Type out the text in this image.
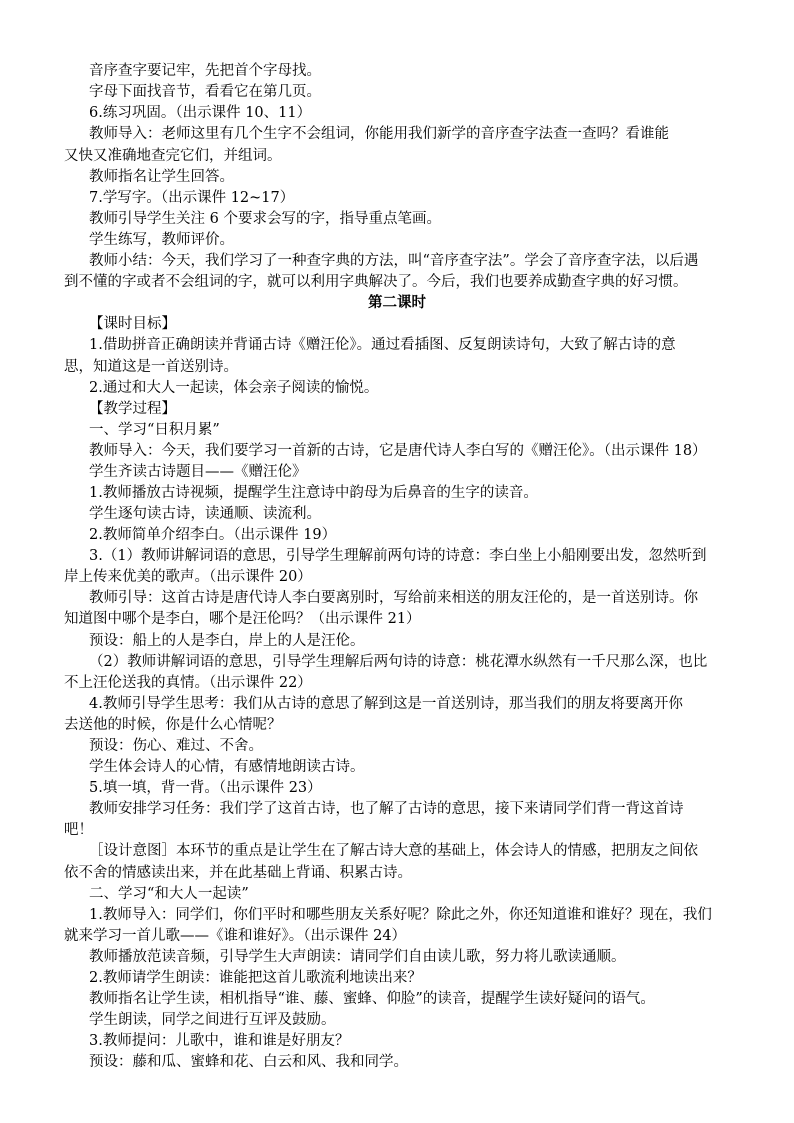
音序查字要记牢，先把首个字母找。
字母下面找音节，看看它在第几页。
6.练习巩固。（出示课件 10、11）
教师导入：老师这里有几个生字不会组词，你能用我们新学的音序查字法查一查吗？看谁能
又快又准确地查完它们，并组词。
教师指名让学生回答。
7.学写字。（出示课件 12~17）
教师引导学生关注 6 个要求会写的字，指导重点笔画。
学生练写，教师评价。
教师小结：今天，我们学习了一种查字典的方法，叫“音序查字法”。学会了音序查字法，以后遇
到不懂的字或者不会组词的字，就可以利用字典解决了。今后，我们也要养成勤查字典的好习惯。
第二课时
【课时目标】
1.借助拼音正确朗读并背诵古诗《赠汪伦》。通过看插图、反复朗读诗句，大致了解古诗的意
思，知道这是一首送别诗。
2.通过和大人一起读，体会亲子阅读的愉悦。
【教学过程】
一、学习“日积月累”
教师导入：今天，我们要学习一首新的古诗，它是唐代诗人李白写的《赠汪伦》。（出示课件 18）
学生齐读古诗题目——《赠汪伦》
1.教师播放古诗视频，提醒学生注意诗中韵母为后鼻音的生字的读音。
学生逐句读古诗，读通顺、读流利。
2.教师简单介绍李白。（出示课件 19）
3.（1）教师讲解词语的意思，引导学生理解前两句诗的诗意：李白坐上小船刚要出发，忽然听到
岸上传来优美的歌声。（出示课件 20）
教师引导：这首古诗是唐代诗人李白要离别时，写给前来相送的朋友汪伦的，是一首送别诗。你
知道图中哪个是李白，哪个是汪伦吗？（出示课件 21）
预设：船上的人是李白，岸上的人是汪伦。
（2）教师讲解词语的意思，引导学生理解后两句诗的诗意：桃花潭水纵然有一千尺那么深，也比
不上汪伦送我的真情。（出示课件 22）
4.教师引导学生思考：我们从古诗的意思了解到这是一首送别诗，那当我们的朋友将要离开你
去送他的时候，你是什么心情呢？
预设：伤心、难过、不舍。
学生体会诗人的心情，有感情地朗读古诗。
5.填一填，背一背。（出示课件 23）
教师安排学习任务：我们学了这首古诗，也了解了古诗的意思，接下来请同学们背一背这首诗
吧！
［设计意图］本环节的重点是让学生在了解古诗大意的基础上，体会诗人的情感，把朋友之间依
依不舍的情感读出来，并在此基础上背诵、积累古诗。
二、学习“和大人一起读”
1.教师导入：同学们，你们平时和哪些朋友关系好呢？除此之外，你还知道谁和谁好？现在，我们
就来学习一首儿歌——《谁和谁好》。（出示课件 24）
教师播放范读音频，引导学生大声朗读：请同学们自由读儿歌，努力将儿歌读通顺。
2.教师请学生朗读：谁能把这首儿歌流利地读出来？
教师指名让学生读，相机指导“谁、藤、蜜蜂、仰脸”的读音，提醒学生读好疑问的语气。
学生朗读，同学之间进行互评及鼓励。
3.教师提问：儿歌中，谁和谁是好朋友？
预设：藤和瓜、蜜蜂和花、白云和风、我和同学。
